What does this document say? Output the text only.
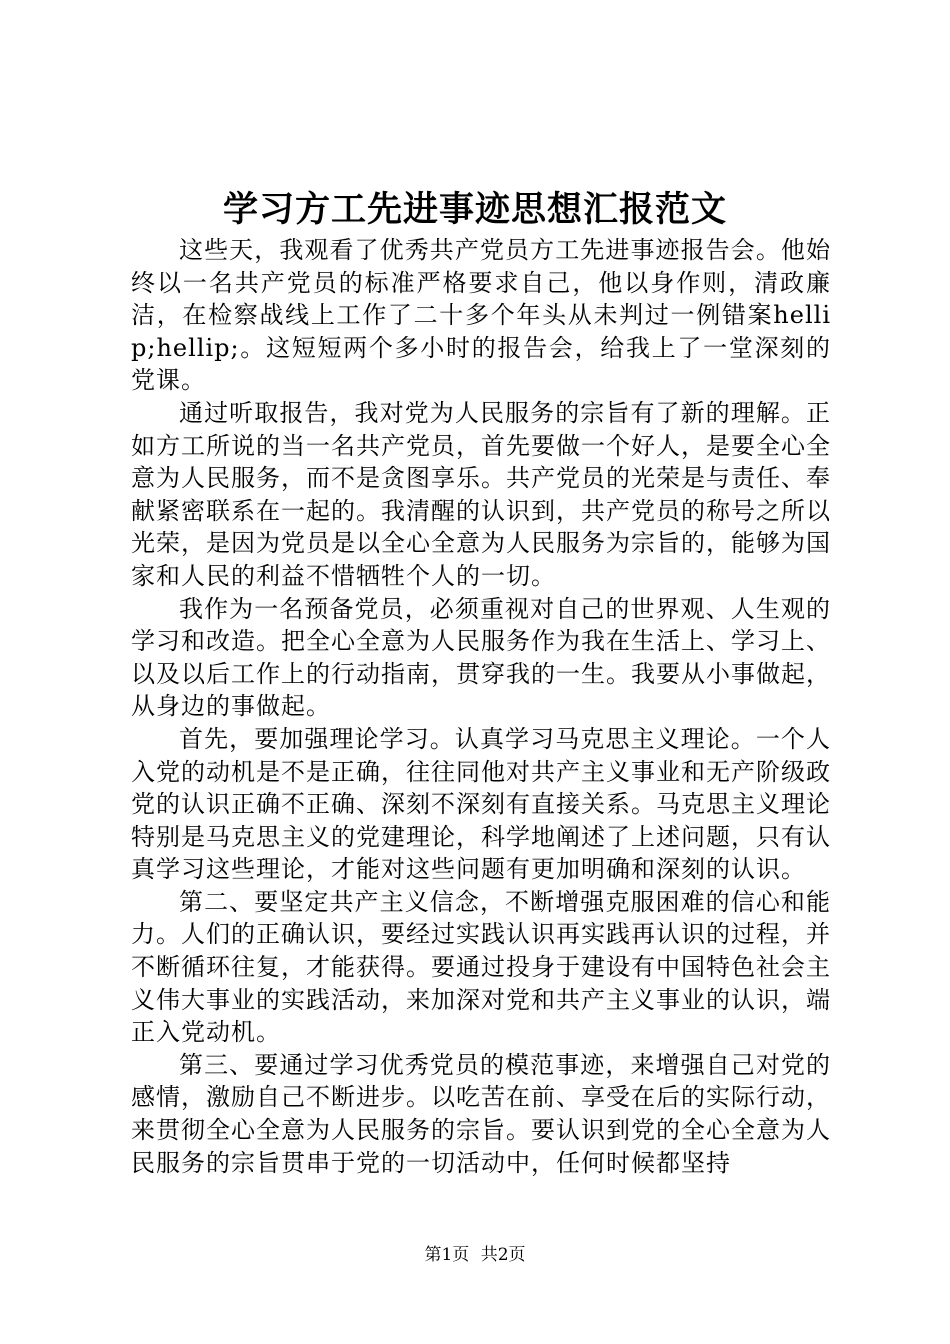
学习方工先进事迹思想汇报范文

这些天，我观看了优秀共产党员方工先进事迹报告会。他始终以一名共产党员的标准严格要求自己，他以身作则，清政廉洁，在检察战线上工作了二十多个年头从未判过一例错案hellip;hellip;。这短短两个多小时的报告会，给我上了一堂深刻的党课。

通过听取报告，我对党为人民服务的宗旨有了新的理解。正如方工所说的当一名共产党员，首先要做一个好人，是要全心全意为人民服务，而不是贪图享乐。共产党员的光荣是与责任、奉献紧密联系在一起的。我清醒的认识到，共产党员的称号之所以光荣，是因为党员是以全心全意为人民服务为宗旨的，能够为国家和人民的利益不惜牺牲个人的一切。

我作为一名预备党员，必须重视对自己的世界观、人生观的学习和改造。把全心全意为人民服务作为我在生活上、学习上、以及以后工作上的行动指南，贯穿我的一生。我要从小事做起，从身边的事做起。

首先，要加强理论学习。认真学习马克思主义理论。一个人入党的动机是不是正确，往往同他对共产主义事业和无产阶级政党的认识正确不正确、深刻不深刻有直接关系。马克思主义理论特别是马克思主义的党建理论，科学地阐述了上述问题，只有认真学习这些理论，才能对这些问题有更加明确和深刻的认识。

第二、要坚定共产主义信念，不断增强克服困难的信心和能力。人们的正确认识，要经过实践认识再实践再认识的过程，并不断循环往复，才能获得。要通过投身于建设有中国特色社会主义伟大事业的实践活动，来加深对党和共产主义事业的认识，端正入党动机。

第三、要通过学习优秀党员的模范事迹，来增强自己对党的感情，激励自己不断进步。以吃苦在前、享受在后的实际行动，来贯彻全心全意为人民服务的宗旨。要认识到党的全心全意为人民服务的宗旨贯串于党的一切活动中，任何时候都坚持

第1页 共2页
